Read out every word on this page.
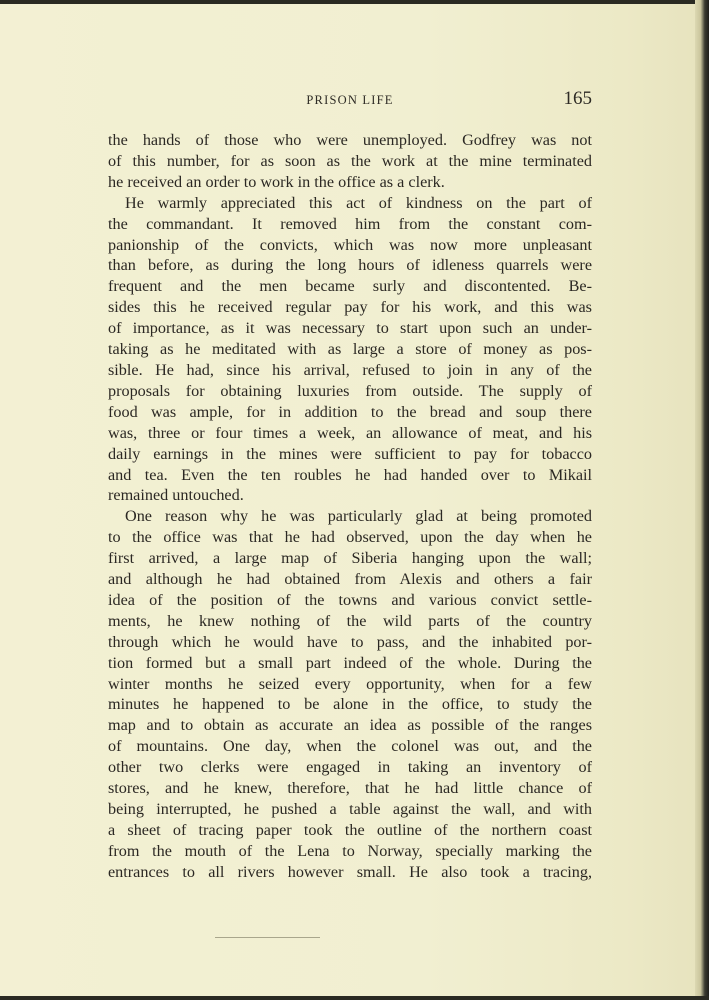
PRISON LIFE	165
the hands of those who were unemployed. Godfrey was not
of this number, for as soon as the work at the mine terminated
he received an order to work in the office as a clerk.
He warmly appreciated this act of kindness on the part of
the commandant. It removed him from the constant com-
panionship of the convicts, which was now more unpleasant
than before, as during the long hours of idleness quarrels were
frequent and the men became surly and discontented. Be-
sides this he received regular pay for his work, and this was
of importance, as it was necessary to start upon such an under-
taking as he meditated with as large a store of money as pos-
sible. He had, since his arrival, refused to join in any of the
proposals for obtaining luxuries from outside. The supply of
food was ample, for in addition to the bread and soup there
was, three or four times a week, an allowance of meat, and his
daily earnings in the mines were sufficient to pay for tobacco
and tea. Even the ten roubles he had handed over to Mikail
remained untouched.
One reason why he was particularly glad at being promoted
to the office was that he had observed, upon the day when he
first arrived, a large map of Siberia hanging upon the wall;
and although he had obtained from Alexis and others a fair
idea of the position of the towns and various convict settle-
ments, he knew nothing of the wild parts of the country
through which he would have to pass, and the inhabited por-
tion formed but a small part indeed of the whole. During the
winter months he seized every opportunity, when for a few
minutes he happened to be alone in the office, to study the
map and to obtain as accurate an idea as possible of the ranges
of mountains. One day, when the colonel was out, and the
other two clerks were engaged in taking an inventory of
stores, and he knew, therefore, that he had little chance of
being interrupted, he pushed a table against the wall, and with
a sheet of tracing paper took the outline of the northern coast
from the mouth of the Lena to Norway, specially marking the
entrances to all rivers however small. He also took a tracing,
